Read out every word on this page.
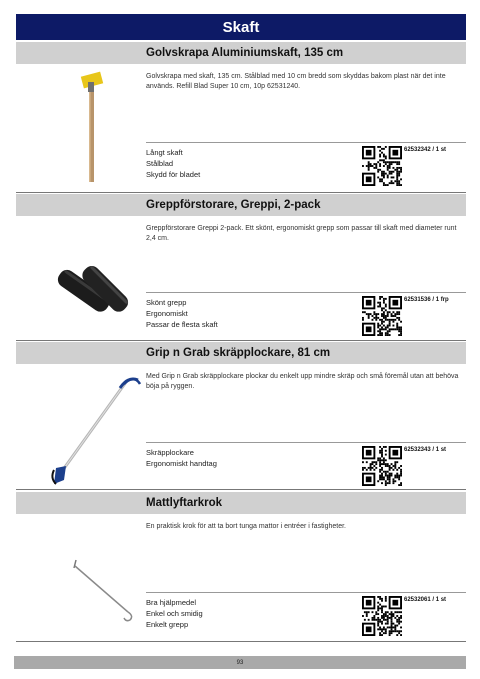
Skaft
Golvskrapa Aluminiumskaft, 135 cm
Golvskrapa med skaft, 135 cm. Stålblad med 10 cm bredd som skyddas bakom plast när det inte används. Refill Blad Super 10 cm, 10p 62531240.
Långt skaft
Stålblad
Skydd för bladet
62532342 / 1 st
Greppförstorare, Greppi, 2-pack
Greppförstorare Greppi 2-pack. Ett skönt, ergonomiskt grepp som passar till skaft med diameter runt 2,4 cm.
Skönt grepp
Ergonomiskt
Passar de flesta skaft
62531536 / 1 frp
Grip n Grab skräpplockare, 81 cm
Med Grip n Grab skräpplockare plockar du enkelt upp mindre skräp och små föremål utan att behöva böja på ryggen.
Skräpplockare
Ergonomiskt handtag
62532343 / 1 st
Mattlyftarkrok
En praktisk krok för att ta bort tunga mattor i entréer i fastigheter.
Bra hjälpmedel
Enkel och smidig
Enkelt grepp
62532061 / 1 st
93
